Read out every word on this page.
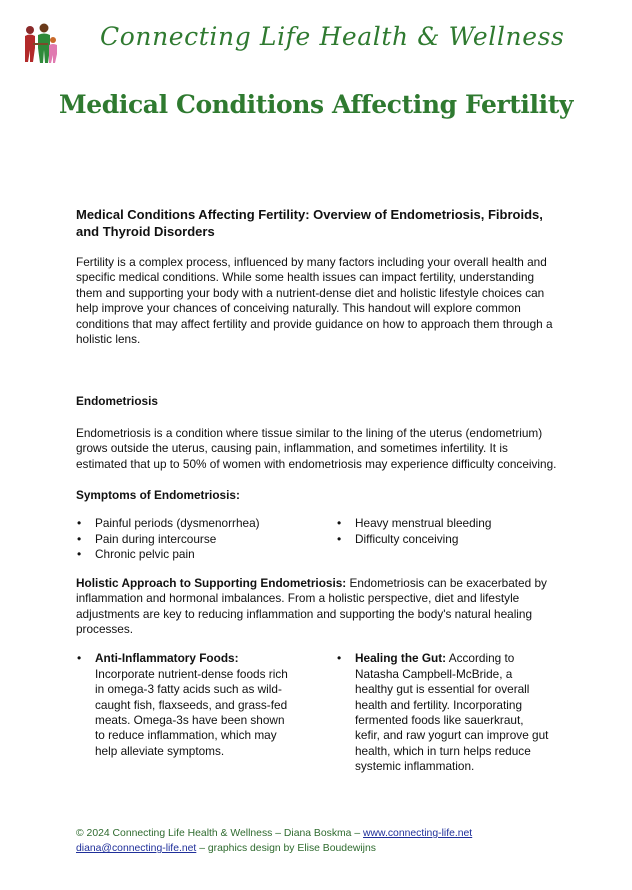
Connecting Life Health & Wellness
Medical Conditions Affecting Fertility

Medical Conditions Affecting Fertility: Overview of Endometriosis, Fibroids, and Thyroid Disorders

Fertility is a complex process, influenced by many factors including your overall health and specific medical conditions. While some health issues can impact fertility, understanding them and supporting your body with a nutrient-dense diet and holistic lifestyle choices can help improve your chances of conceiving naturally. This handout will explore common conditions that may affect fertility and provide guidance on how to approach them through a holistic lens.

Endometriosis

Endometriosis is a condition where tissue similar to the lining of the uterus (endometrium) grows outside the uterus, causing pain, inflammation, and sometimes infertility. It is estimated that up to 50% of women with endometriosis may experience difficulty conceiving.

Symptoms of Endometriosis:

• Painful periods (dysmenorrhea)
• Pain during intercourse
• Chronic pelvic pain
• Heavy menstrual bleeding
• Difficulty conceiving

Holistic Approach to Supporting Endometriosis: Endometriosis can be exacerbated by inflammation and hormonal imbalances. From a holistic perspective, diet and lifestyle adjustments are key to reducing inflammation and supporting the body's natural healing processes.

• Anti-Inflammatory Foods: Incorporate nutrient-dense foods rich in omega-3 fatty acids such as wild-caught fish, flaxseeds, and grass-fed meats. Omega-3s have been shown to reduce inflammation, which may help alleviate symptoms.
• Healing the Gut: According to Natasha Campbell-McBride, a healthy gut is essential for overall health and fertility. Incorporating fermented foods like sauerkraut, kefir, and raw yogurt can improve gut health, which in turn helps reduce systemic inflammation.
© 2024 Connecting Life Health & Wellness – Diana Boskma – www.connecting-life.net
diana@connecting-life.net – graphics design by Elise Boudewijns
